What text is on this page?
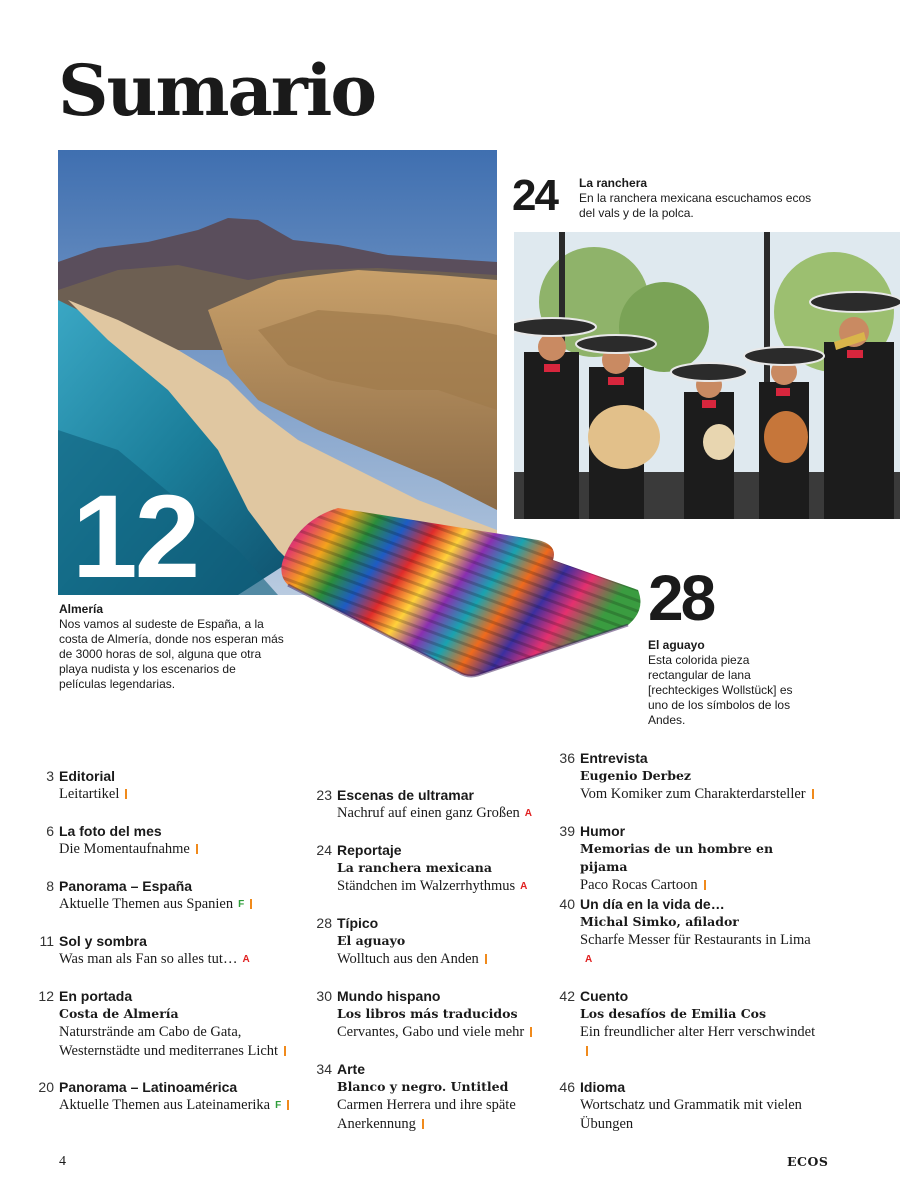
Sumario
12
24 La ranchera
En la ranchera mexicana escuchamos ecos del vals y de la polca.
28
Almería
Nos vamos al sudeste de España, a la costa de Almería, donde nos esperan más de 3000 horas de sol, alguna que otra playa nudista y los escenarios de películas legendarias.
El aguayo
Esta colorida pieza rectangular de lana [rechteckiges Wollstück] es uno de los símbolos de los Andes.
3 Editorial
Leitartikel
6 La foto del mes
Die Momentaufnahme
8 Panorama – España
Aktuelle Themen aus Spanien F
11 Sol y sombra
Was man als Fan so alles tut… A
12 En portada
Costa de Almería
Naturstrände am Cabo de Gata, Westernstädte und mediterranes Licht
20 Panorama – Latinoamérica
Aktuelle Themen aus Lateinamerika F
23 Escenas de ultramar
Nachruf auf einen ganz Großen A
24 Reportaje
La ranchera mexicana
Ständchen im Walzerrhythmus A
28 Típico
El aguayo
Wolltuch aus den Anden
30 Mundo hispano
Los libros más traducidos
Cervantes, Gabo und viele mehr
34 Arte
Blanco y negro. Untitled
Carmen Herrera und ihre späte Anerkennung
36 Entrevista
Eugenio Derbez
Vom Komiker zum Charakterdarsteller
39 Humor
Memorias de un hombre en pijama
Paco Rocas Cartoon
40 Un día en la vida de…
Michal Simko, afilador
Scharfe Messer für Restaurants in LimaA
42 Cuento
Los desafíos de Emilia Cos
Ein freundlicher alter Herr verschwindet
46 Idioma
Wortschatz und Grammatik mit vielen Übungen
4	ECOS
